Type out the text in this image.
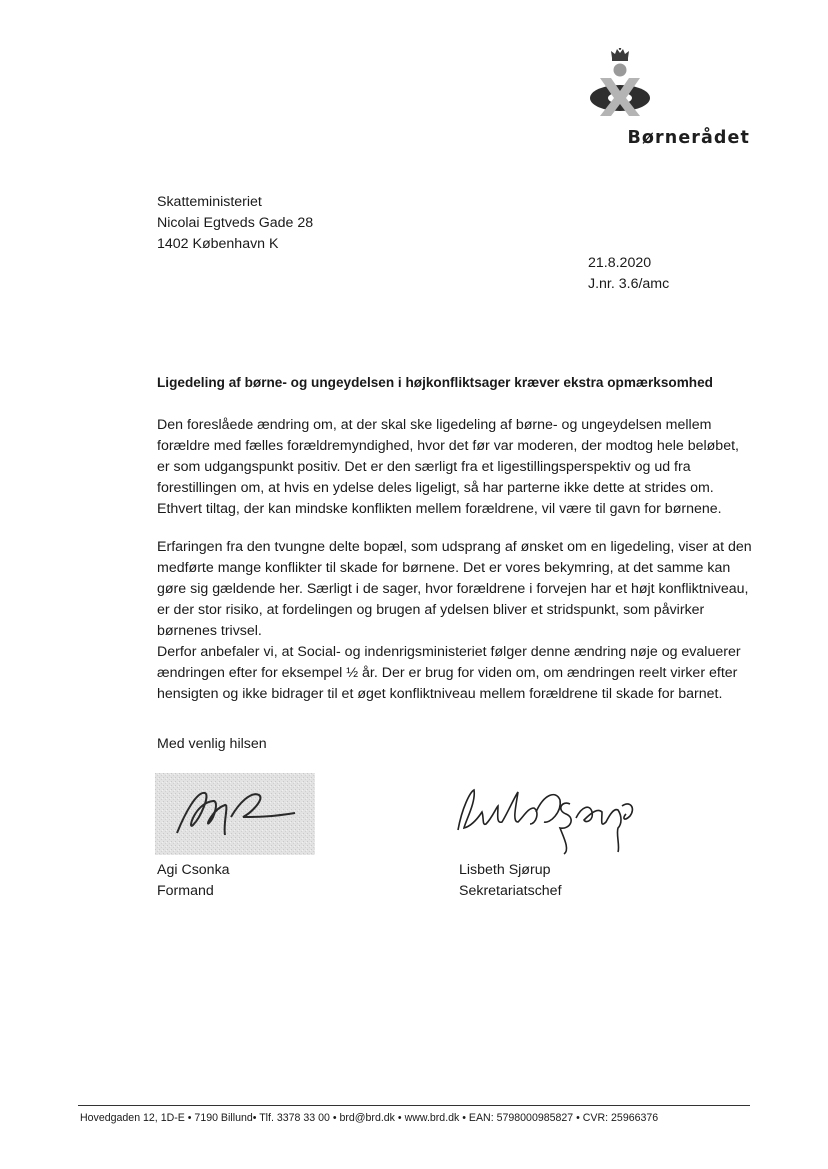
Børnerådet
Skatteministeriet
Nicolai Egtveds Gade 28
1402 København K
21.8.2020
J.nr. 3.6/amc
Ligedeling af børne- og ungeydelsen i højkonfliktsager kræver ekstra opmærksomhed
Den foreslåede ændring om, at der skal ske ligedeling af børne- og ungeydelsen mellem
forældre med fælles forældremyndighed, hvor det før var moderen, der modtog hele beløbet,
er som udgangspunkt positiv. Det er den særligt fra et ligestillingsperspektiv og ud fra
forestillingen om, at hvis en ydelse deles ligeligt, så har parterne ikke dette at strides om.
Ethvert tiltag, der kan mindske konflikten mellem forældrene, vil være til gavn for børnene.
Erfaringen fra den tvungne delte bopæl, som udsprang af ønsket om en ligedeling, viser at den
medførte mange konflikter til skade for børnene. Det er vores bekymring, at det samme kan
gøre sig gældende her. Særligt i de sager, hvor forældrene i forvejen har et højt konfliktniveau,
er der stor risiko, at fordelingen og brugen af ydelsen bliver et stridspunkt, som påvirker
børnenes trivsel.
Derfor anbefaler vi, at Social- og indenrigsministeriet følger denne ændring nøje og evaluerer
ændringen efter for eksempel ½ år. Der er brug for viden om, om ændringen reelt virker efter
hensigten og ikke bidrager til et øget konfliktniveau mellem forældrene til skade for barnet.
Med venlig hilsen
Agi Csonka
Formand
Lisbeth Sjørup
Sekretariatschef
Hovedgaden 12, 1D-E • 7190 Billund• Tlf. 3378 33 00 • brd@brd.dk • www.brd.dk • EAN: 5798000985827 • CVR: 25966376
